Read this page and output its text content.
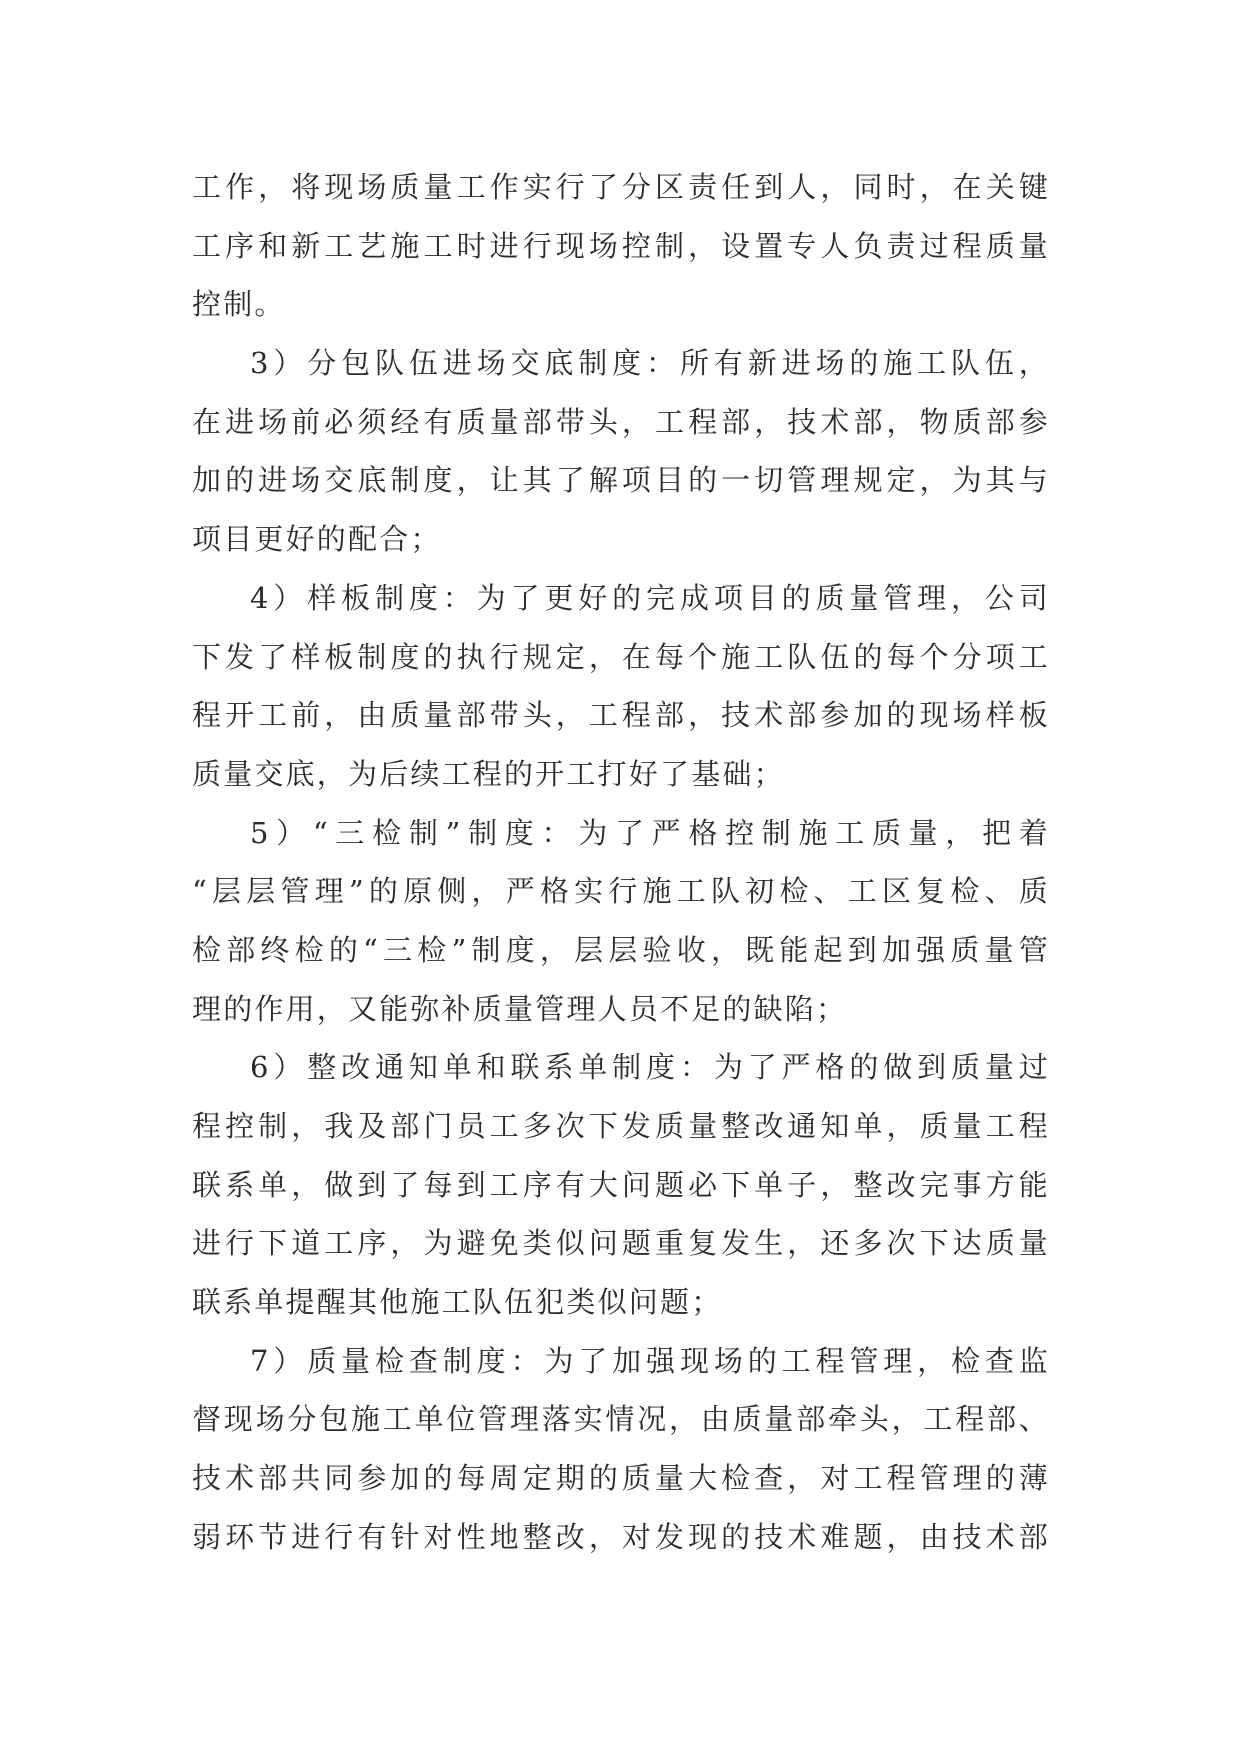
工作，将现场质量工作实行了分区责任到人，同时，在关键
工序和新工艺施工时进行现场控制，设置专人负责过程质量
控制。
3）分包队伍进场交底制度：所有新进场的施工队伍，
在进场前必须经有质量部带头，工程部，技术部，物质部参
加的进场交底制度，让其了解项目的一切管理规定，为其与
项目更好的配合；
4）样板制度：为了更好的完成项目的质量管理，公司
下发了样板制度的执行规定，在每个施工队伍的每个分项工
程开工前，由质量部带头，工程部，技术部参加的现场样板
质量交底，为后续工程的开工打好了基础；
5）“三检制”制度：为了严格控制施工质量，把着
“层层管理”的原侧，严格实行施工队初检、工区复检、质
检部终检的“三检”制度，层层验收，既能起到加强质量管
理的作用，又能弥补质量管理人员不足的缺陷；
6）整改通知单和联系单制度：为了严格的做到质量过
程控制，我及部门员工多次下发质量整改通知单，质量工程
联系单，做到了每到工序有大问题必下单子，整改完事方能
进行下道工序，为避免类似问题重复发生，还多次下达质量
联系单提醒其他施工队伍犯类似问题；
7）质量检查制度：为了加强现场的工程管理，检查监
督现场分包施工单位管理落实情况，由质量部牵头，工程部、
技术部共同参加的每周定期的质量大检查，对工程管理的薄
弱环节进行有针对性地整改，对发现的技术难题，由技术部
